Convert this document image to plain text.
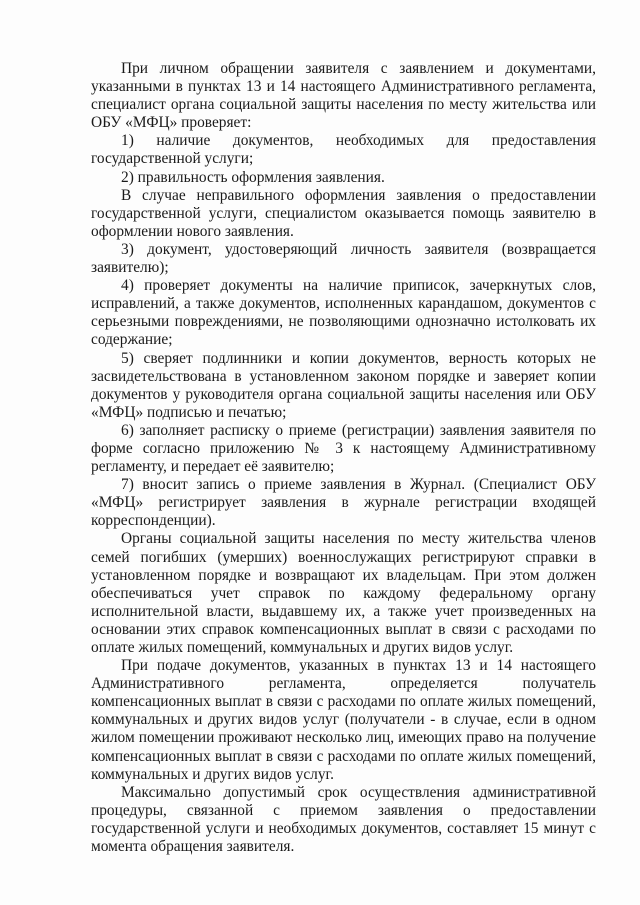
При личном обращении заявителя с заявлением и документами, указанными в пунктах 13 и 14 настоящего Административного регламента, специалист органа социальной защиты населения по месту жительства или ОБУ «МФЦ» проверяет:

1) наличие документов, необходимых для предоставления государственной услуги;

2) правильность оформления заявления.

В случае неправильного оформления заявления о предоставлении государственной услуги, специалистом оказывается помощь заявителю в оформлении нового заявления.

3) документ, удостоверяющий личность заявителя (возвращается заявителю);

4) проверяет документы на наличие приписок, зачеркнутых слов, исправлений, а также документов, исполненных карандашом, документов с серьезными повреждениями, не позволяющими однозначно истолковать их содержание;

5) сверяет подлинники и копии документов, верность которых не засвидетельствована в установленном законом порядке и заверяет копии документов у руководителя органа социальной защиты населения или ОБУ «МФЦ» подписью и печатью;

6) заполняет расписку о приеме (регистрации) заявления заявителя по форме согласно приложению № 3 к настоящему Административному регламенту, и передает её заявителю;

7) вносит запись о приеме заявления в Журнал. (Специалист ОБУ «МФЦ» регистрирует заявления в журнале регистрации входящей корреспонденции).

Органы социальной защиты населения по месту жительства членов семей погибших (умерших) военнослужащих регистрируют справки в установленном порядке и возвращают их владельцам. При этом должен обеспечиваться учет справок по каждому федеральному органу исполнительной власти, выдавшему их, а также учет произведенных на основании этих справок компенсационных выплат в связи с расходами по оплате жилых помещений, коммунальных и других видов услуг.

При подаче документов, указанных в пунктах 13 и 14 настоящего Административного регламента, определяется получатель компенсационных выплат в связи с расходами по оплате жилых помещений, коммунальных и других видов услуг (получатели - в случае, если в одном жилом помещении проживают несколько лиц, имеющих право на получение компенсационных выплат в связи с расходами по оплате жилых помещений, коммунальных и других видов услуг.

Максимально допустимый срок осуществления административной процедуры, связанной с приемом заявления о предоставлении государственной услуги и необходимых документов, составляет 15 минут с момента обращения заявителя.
